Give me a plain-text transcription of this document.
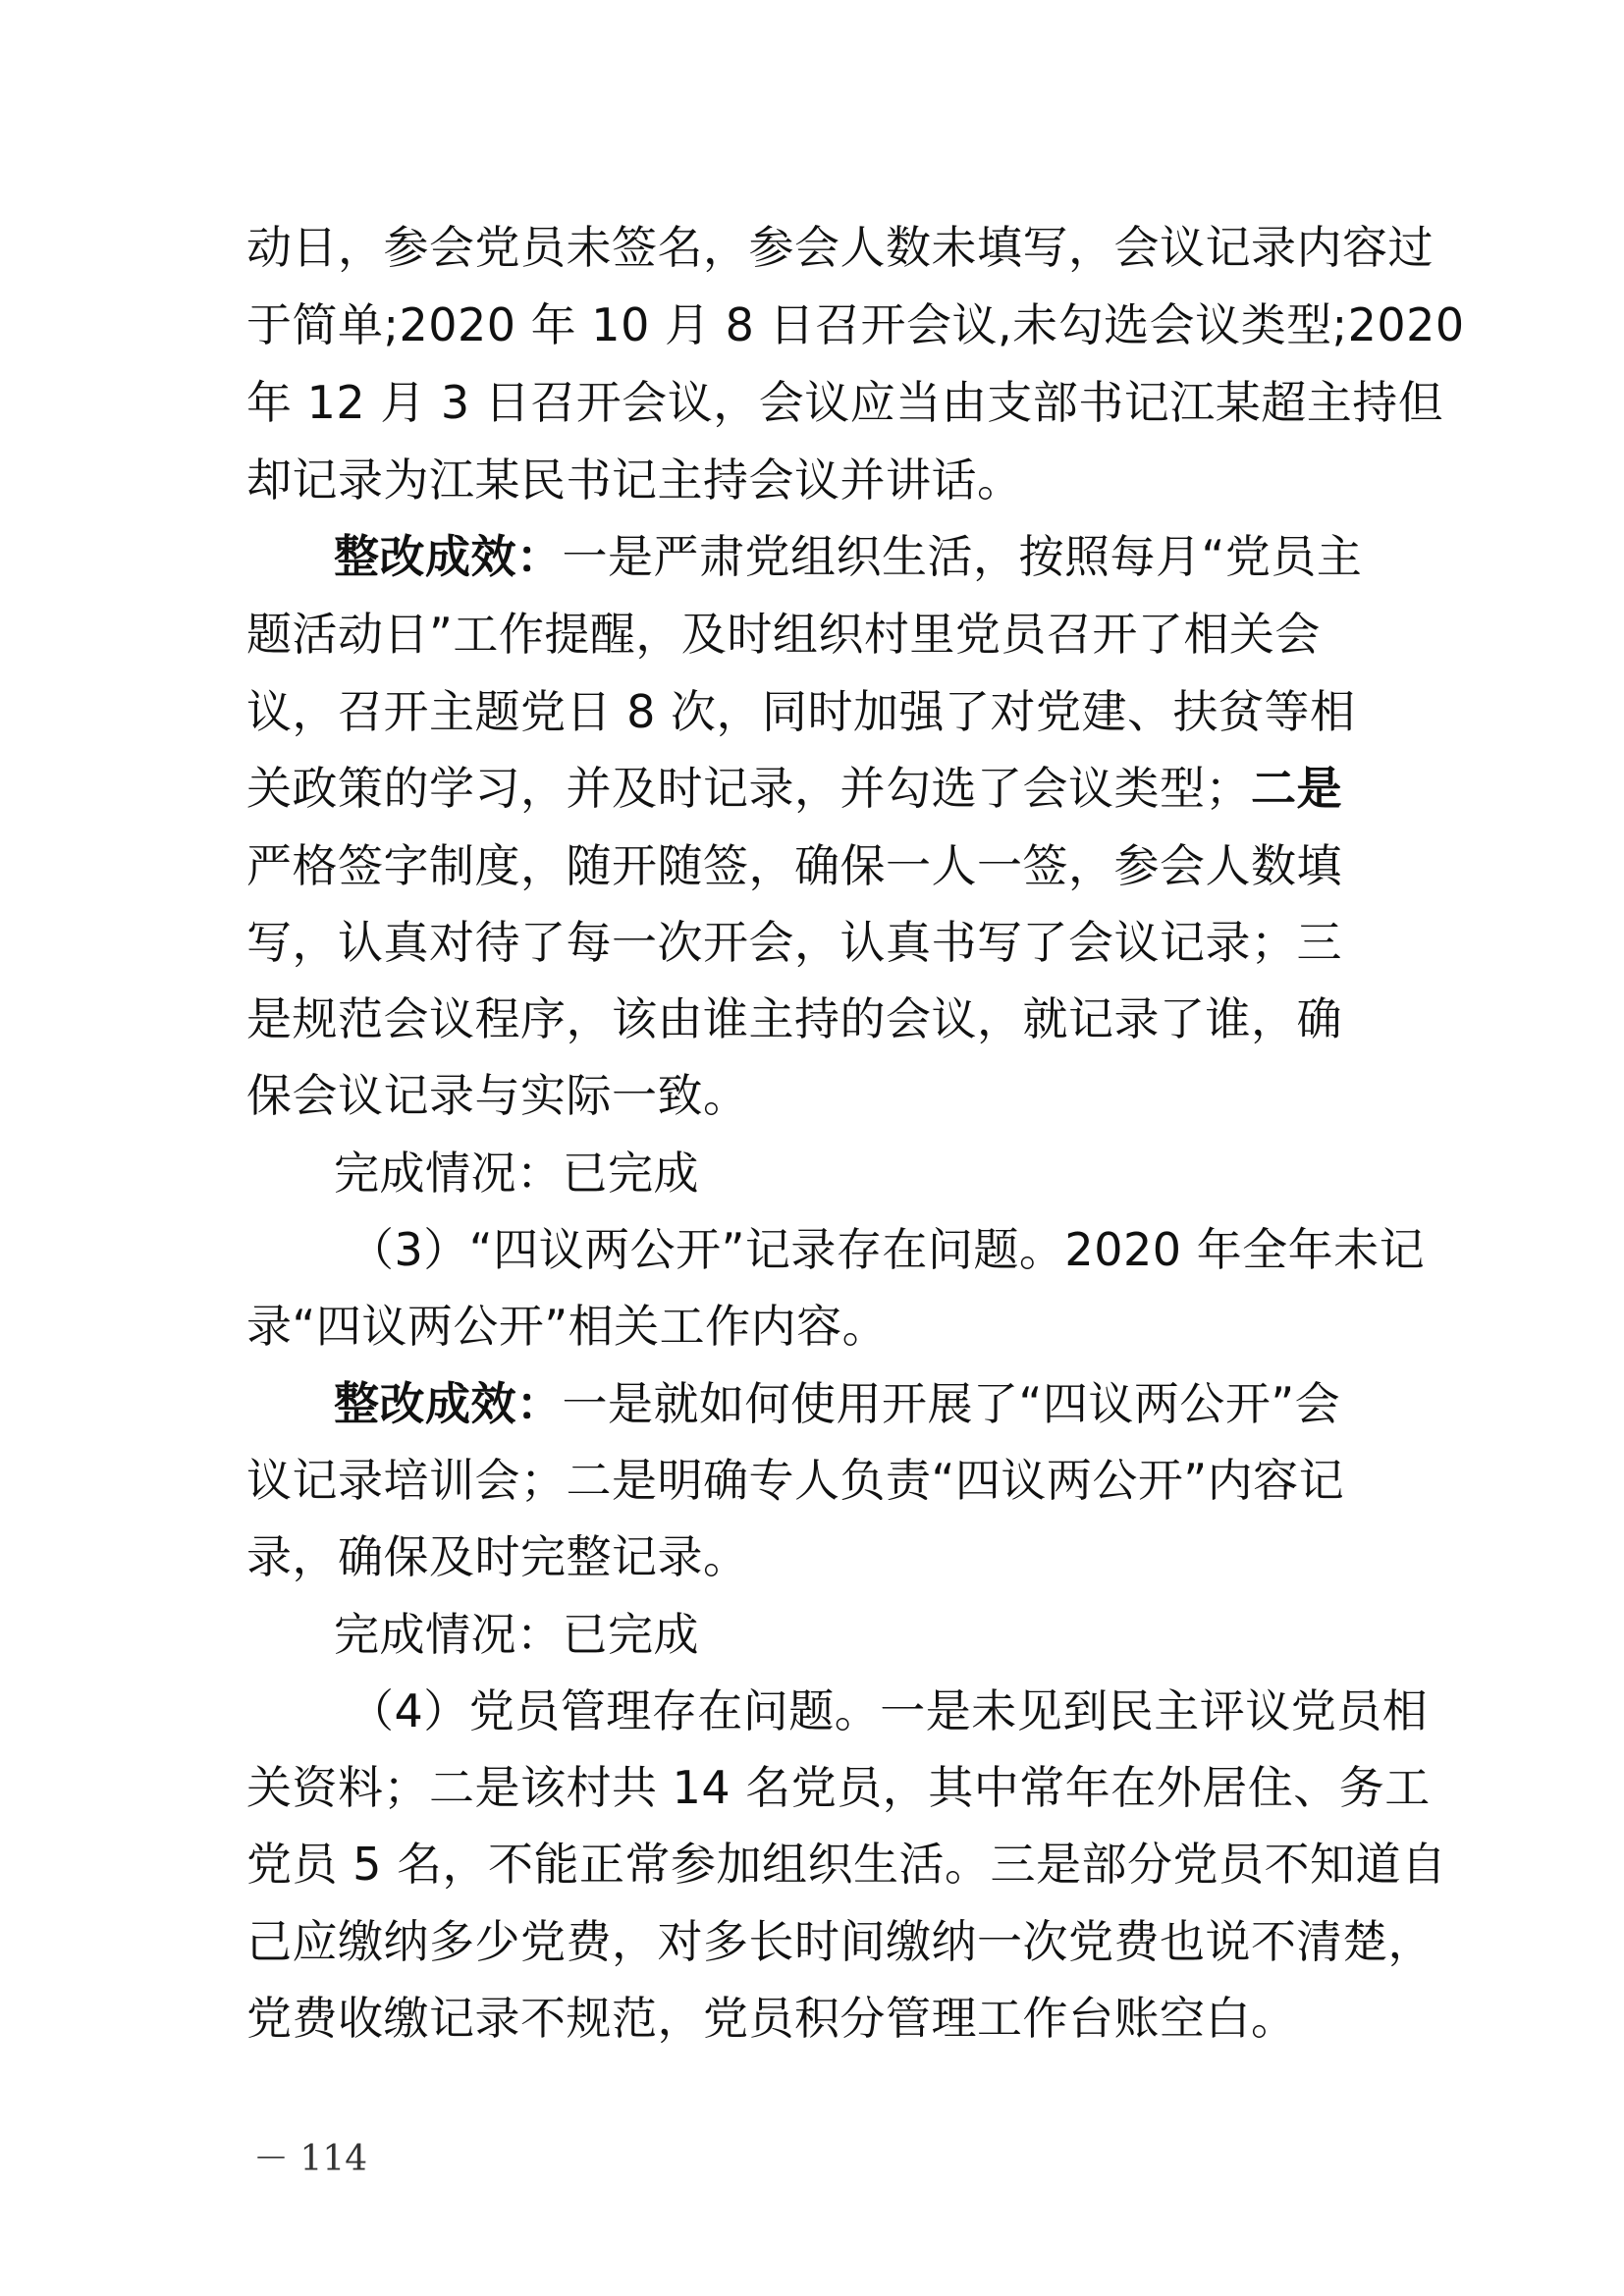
动日，参会党员未签名，参会人数未填写，会议记录内容过
于简单;2020 年 10 月 8 日召开会议,未勾选会议类型;2020
年 12 月 3 日召开会议，会议应当由支部书记江某超主持但
却记录为江某民书记主持会议并讲话。
整改成效：一是严肃党组织生活，按照每月“党员主
题活动日”工作提醒，及时组织村里党员召开了相关会
议，召开主题党日 8 次，同时加强了对党建、扶贫等相
关政策的学习，并及时记录，并勾选了会议类型；二是
严格签字制度，随开随签，确保一人一签，参会人数填
写，认真对待了每一次开会，认真书写了会议记录；三
是规范会议程序，该由谁主持的会议，就记录了谁，确
保会议记录与实际一致。
完成情况：已完成
（3）“四议两公开”记录存在问题。2020 年全年未记
录“四议两公开”相关工作内容。
整改成效：一是就如何使用开展了“四议两公开”会
议记录培训会；二是明确专人负责“四议两公开”内容记
录，确保及时完整记录。
完成情况：已完成
（4）党员管理存在问题。一是未见到民主评议党员相
关资料；二是该村共 14 名党员，其中常年在外居住、务工
党员 5 名，不能正常参加组织生活。三是部分党员不知道自
己应缴纳多少党费，对多长时间缴纳一次党费也说不清楚，
党费收缴记录不规范，党员积分管理工作台账空白。
－ 114
